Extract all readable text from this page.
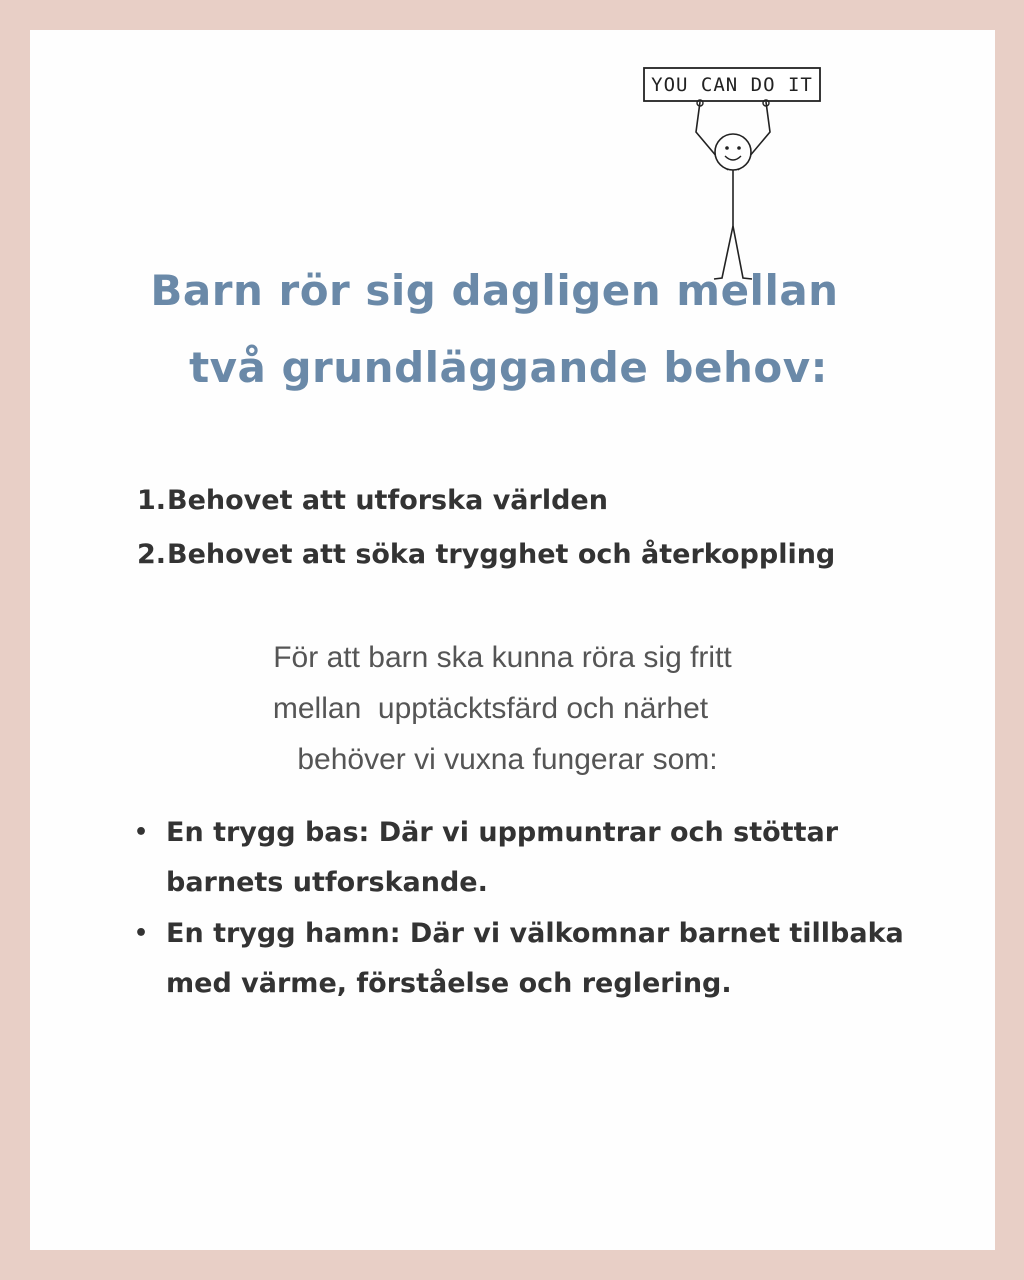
YOU CAN DO IT
Barn rör sig dagligen mellan
två grundläggande behov:
1. Behovet att utforska världen
2. Behovet att söka trygghet och återkoppling
För att barn ska kunna röra sig fritt
mellan  upptäcktsfärd och närhet
behöver vi vuxna fungerar som:
• En trygg bas: Där vi uppmuntrar och stöttar barnets utforskande.
• En trygg hamn: Där vi välkomnar barnet tillbaka med värme, förståelse och reglering.
